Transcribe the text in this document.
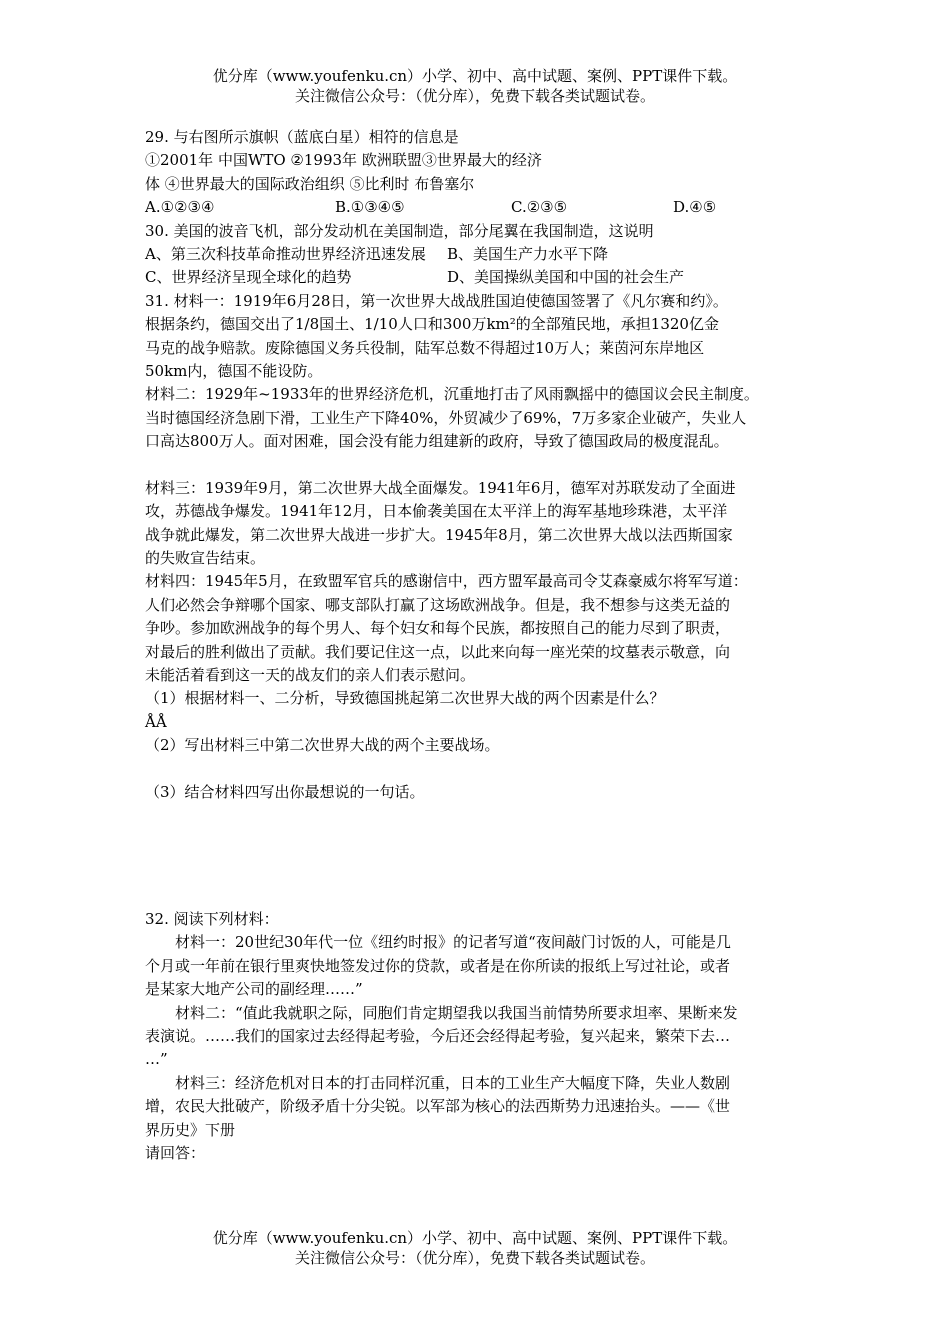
优分库（www.youfenku.cn）小学、初中、高中试题、案例、PPT课件下载。
关注微信公众号：（优分库），免费下载各类试题试卷。

29. 与右图所示旗帜（蓝底白星）相符的信息是

①2001年 中国WTO ②1993年 欧洲联盟③世界最大的经济

体 ④世界最大的国际政治组织 ⑤比利时 布鲁塞尔

A.①②③④	B.①③④⑤	C.②③⑤	D.④⑤

30. 美国的波音飞机，部分发动机在美国制造，部分尾翼在我国制造，这说明

A、第三次科技革命推动世界经济迅速发展 B、美国生产力水平下降

C、世界经济呈现全球化的趋势	D、美国操纵美国和中国的社会生产

31. 材料一：1919年6月28日，第一次世界大战战胜国迫使德国签署了《凡尔赛和约》。

根据条约，德国交出了1/8国土、1/10人口和300万km²的全部殖民地，承担1320亿金

马克的战争赔款。废除德国义务兵役制，陆军总数不得超过10万人；莱茵河东岸地区

50km内，德国不能设防。

材料二：1929年~1933年的世界经济危机，沉重地打击了风雨飘摇中的德国议会民主制度。

当时德国经济急剧下滑，工业生产下降40%，外贸减少了69%，7万多家企业破产，失业人

口高达800万人。面对困难，国会没有能力组建新的政府，导致了德国政局的极度混乱。

材料三：1939年9月，第二次世界大战全面爆发。1941年6月，德军对苏联发动了全面进

攻，苏德战争爆发。1941年12月，日本偷袭美国在太平洋上的海军基地珍珠港，太平洋

战争就此爆发，第二次世界大战进一步扩大。1945年8月，第二次世界大战以法西斯国家

的失败宣告结束。

材料四：1945年5月，在致盟军官兵的感谢信中，西方盟军最高司令艾森豪威尔将军写道：

人们必然会争辩哪个国家、哪支部队打赢了这场欧洲战争。但是，我不想参与这类无益的

争吵。参加欧洲战争的每个男人、每个妇女和每个民族，都按照自己的能力尽到了职责，

对最后的胜利做出了贡献。我们要记住这一点，以此来向每一座光荣的坟墓表示敬意，向

未能活着看到这一天的战友们的亲人们表示慰问。

（1）根据材料一、二分析，导致德国挑起第二次世界大战的两个因素是什么？

ÅÅ

（2）写出材料三中第二次世界大战的两个主要战场。

（3）结合材料四写出你最想说的一句话。

32. 阅读下列材料：

材料一：20世纪30年代一位《纽约时报》的记者写道“夜间敲门讨饭的人，可能是几

个月或一年前在银行里爽快地签发过你的贷款，或者是在你所读的报纸上写过社论，或者

是某家大地产公司的副经理……”

材料二：“值此我就职之际，同胞们肯定期望我以我国当前情势所要求坦率、果断来发

表演说。……我们的国家过去经得起考验，今后还会经得起考验，复兴起来，繁荣下去…

…”

材料三：经济危机对日本的打击同样沉重，日本的工业生产大幅度下降，失业人数剧

增，农民大批破产，阶级矛盾十分尖锐。以军部为核心的法西斯势力迅速抬头。——《世

界历史》下册

请回答：

优分库（www.youfenku.cn）小学、初中、高中试题、案例、PPT课件下载。
关注微信公众号：（优分库），免费下载各类试题试卷。
